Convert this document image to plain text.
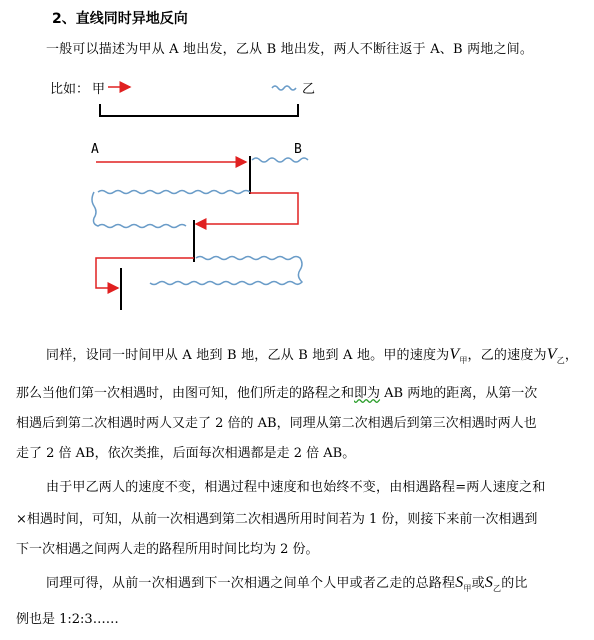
2、直线同时异地反向
一般可以描述为甲从 A 地出发，乙从 B 地出发，两人不断往返于 A、B 两地之间。
比如： 甲	乙
A	B
同样，设同一时间甲从 A 地到 B 地，乙从 B 地到 A 地。甲的速度为$V_甲$，乙的速度为$V_乙$，
那么当他们第一次相遇时，由图可知，他们所走的路程之和即为 AB 两地的距离，从第一次
相遇后到第二次相遇时两人又走了 2 倍的 AB，同理从第二次相遇后到第三次相遇时两人也
走了 2 倍 AB，依次类推，后面每次相遇都是走 2 倍 AB。
由于甲乙两人的速度不变，相遇过程中速度和也始终不变，由相遇路程=两人速度之和
×相遇时间，可知，从前一次相遇到第二次相遇所用时间若为 1 份，则接下来前一次相遇到
下一次相遇之间两人走的路程所用时间比均为 2 份。
同理可得，从前一次相遇到下一次相遇之间单个人甲或者乙走的总路程$S_甲$或$S_乙$的比
例也是 1:2:3……
